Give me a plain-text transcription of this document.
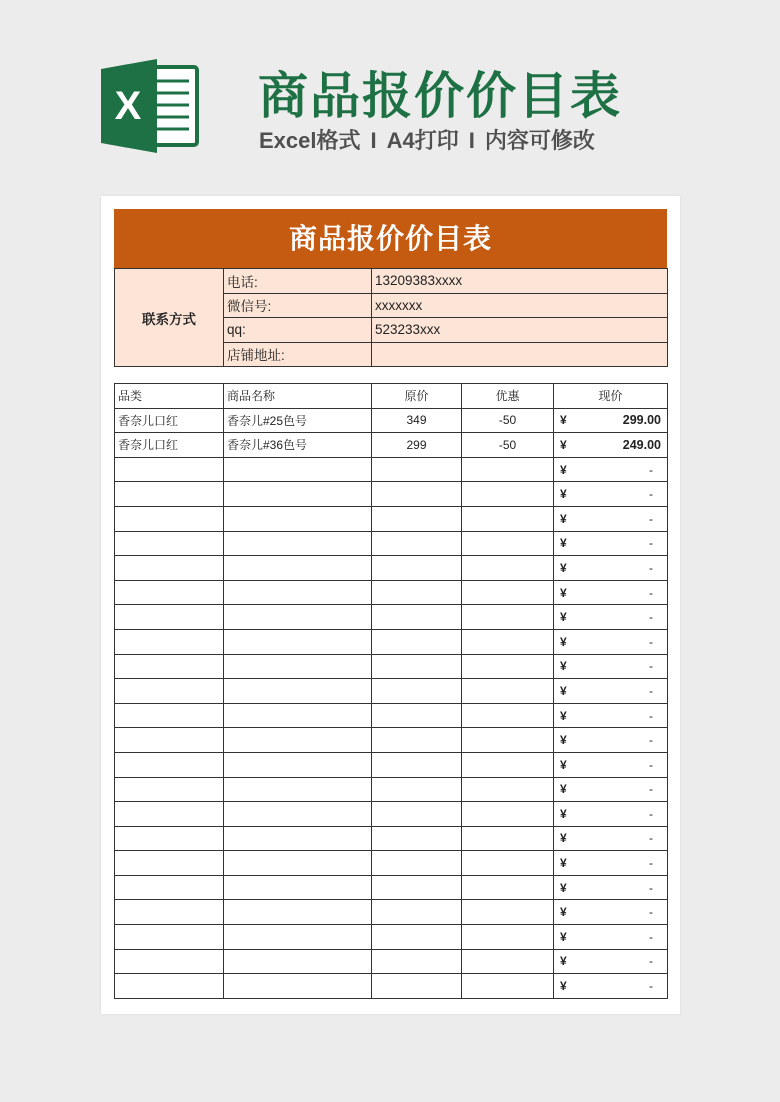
X 商品报价价目表
Excel格式 I A4打印 I 内容可修改
商品报价价目表
联系方式	电话:	13209383xxxx
	微信号:	xxxxxxx
	qq:	523233xxx
	店铺地址:	
品类	商品名称	原价	优惠	现价
香奈儿口红	香奈儿#25色号	349	-50	¥ 299.00

香奈儿口红	香奈儿#36色号	299	-50	¥ 249.00

				¥ -

				¥ -

				¥ -

				¥ -

				¥ -

				¥ -

				¥ -

				¥ -

				¥ -

				¥ -

				¥ -

				¥ -

				¥ -

				¥ -

				¥ -

				¥ -

				¥ -

				¥ -

				¥ -

				¥ -

				¥ -

				¥ -
